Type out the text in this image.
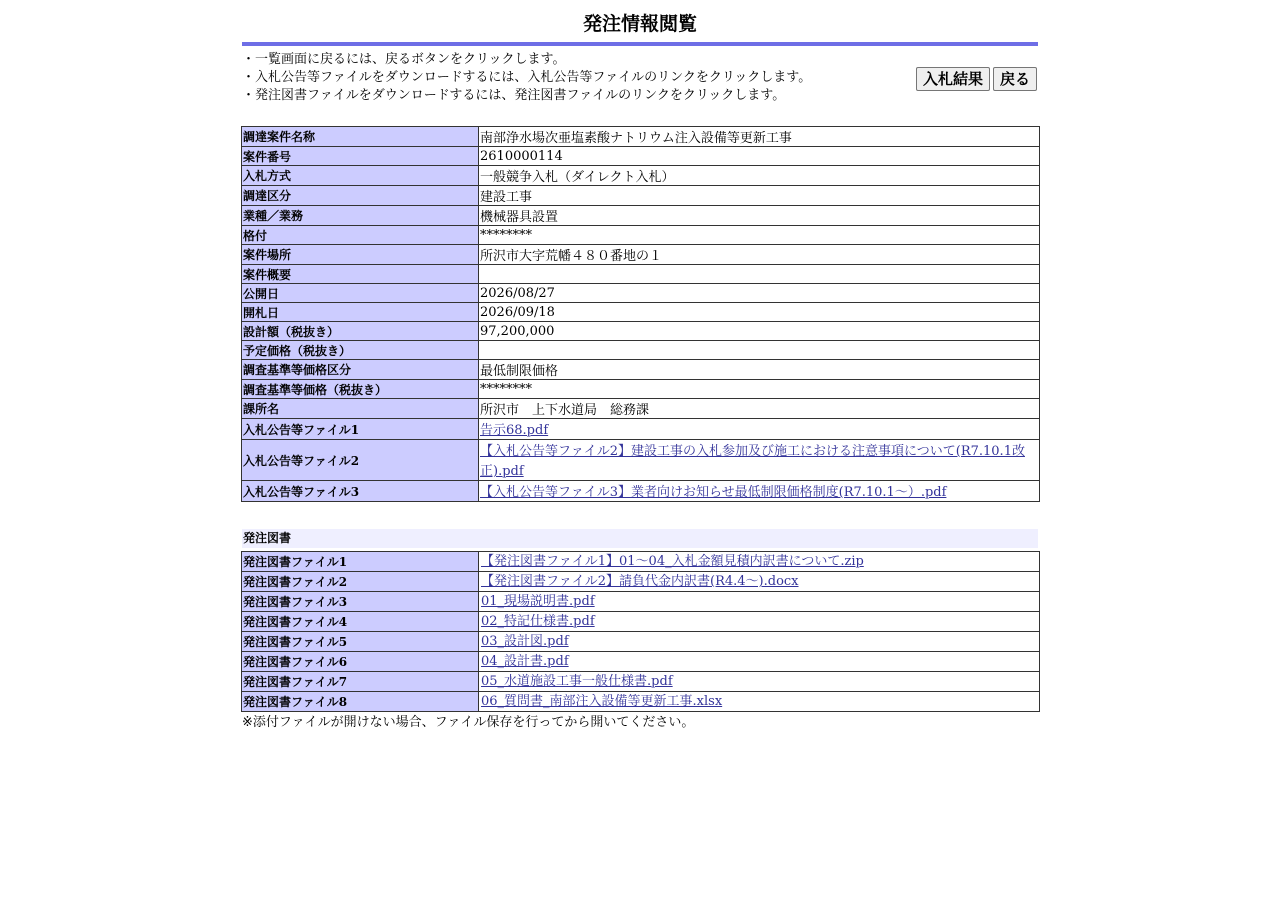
発注情報閲覧
・一覧画面に戻るには、戻るボタンをクリックします。
・入札公告等ファイルをダウンロードするには、入札公告等ファイルのリンクをクリックします。
・発注図書ファイルをダウンロードするには、発注図書ファイルのリンクをクリックします。
入札結果	戻る
調達案件名称	南部浄水場次亜塩素酸ナトリウム注入設備等更新工事
案件番号	2610000114
入札方式	一般競争入札（ダイレクト入札）
調達区分	建設工事
業種／業務	機械器具設置
格付	********
案件場所	所沢市大字荒幡４８０番地の１
案件概要	
公開日	2026/08/27
開札日	2026/09/18
設計額（税抜き）	97,200,000
予定価格（税抜き）	
調査基準等価格区分	最低制限価格
調査基準等価格（税抜き）	********
課所名	所沢市　上下水道局　総務課
入札公告等ファイル1	告示68.pdf
入札公告等ファイル2	【入札公告等ファイル2】建設工事の入札参加及び施工における注意事項について(R7.10.1改正).pdf
入札公告等ファイル3	【入札公告等ファイル3】業者向けお知らせ最低制限価格制度(R7.10.1～）.pdf
発注図書
発注図書ファイル1	【発注図書ファイル1】01～04_入札金額見積内訳書について.zip
発注図書ファイル2	【発注図書ファイル2】請負代金内訳書(R4.4～).docx
発注図書ファイル3	01_現場説明書.pdf
発注図書ファイル4	02_特記仕様書.pdf
発注図書ファイル5	03_設計図.pdf
発注図書ファイル6	04_設計書.pdf
発注図書ファイル7	05_水道施設工事一般仕様書.pdf
発注図書ファイル8	06_質問書_南部注入設備等更新工事.xlsx
※添付ファイルが開けない場合、ファイル保存を行ってから開いてください。
